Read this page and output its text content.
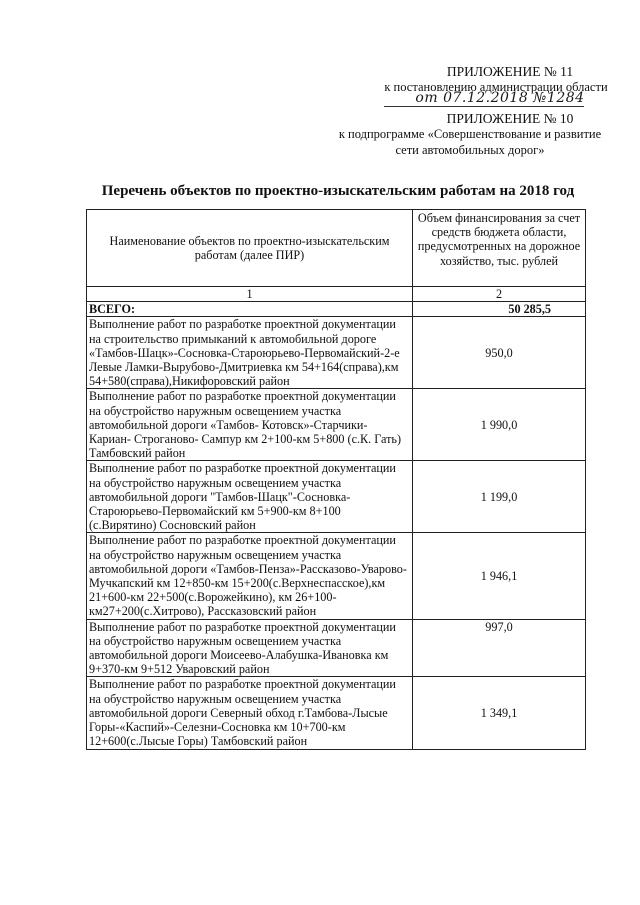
ПРИЛОЖЕНИЕ № 11
к постановлению администрации области
от 07.12.2018 №1284
ПРИЛОЖЕНИЕ № 10
к подпрограмме «Совершенствование и развитие
сети автомобильных дорог»
Перечень объектов по проектно-изыскательским работам на 2018 год
Наименование объектов по проектно-изыскательским работам (далее ПИР)	Объем финансирования за счет средств бюджета области, предусмотренных на дорожное хозяйство, тыс. рублей
1	2
ВСЕГО:	50 285,5
Выполнение работ по разработке проектной документации на строительство примыканий к автомобильной дороге «Тамбов-Шацк»-Сосновка-Староюрьево-Первомайский-2-е Левые Ламки-Вырубово-Дмитриевка км 54+164(справа),км 54+580(справа),Никифоровский район	950,0
Выполнение работ по разработке проектной документации на обустройство наружным освещением участка автомобильной дороги «Тамбов- Котовск»-Старчики- Кариан- Строганово- Сампур км 2+100-км 5+800 (с.К. Гать) Тамбовский район	1 990,0
Выполнение работ по разработке проектной документации на обустройство наружным освещением участка автомобильной дороги "Тамбов-Шацк"-Сосновка-Староюрьево-Первомайский км 5+900-км 8+100 (с.Вирятино) Сосновский район	1 199,0
Выполнение работ по разработке проектной документации на обустройство наружным освещением участка автомобильной дороги «Тамбов-Пенза»-Рассказово-Уварово-Мучкапский км 12+850-км 15+200(с.Верхнеспасское),км 21+600-км 22+500(с.Ворожейкино), км 26+100-км27+200(с.Хитрово), Рассказовский район	1 946,1
Выполнение работ по разработке проектной документации на обустройство наружным освещением участка автомобильной дороги Моисеево-Алабушка-Ивановка км 9+370-км 9+512 Уваровский район	997,0
Выполнение работ по разработке проектной документации на обустройство наружным освещением участка автомобильной дороги Северный обход г.Тамбова-Лысые Горы-«Каспий»-Селезни-Сосновка км 10+700-км 12+600(с.Лысые Горы) Тамбовский район	1 349,1
